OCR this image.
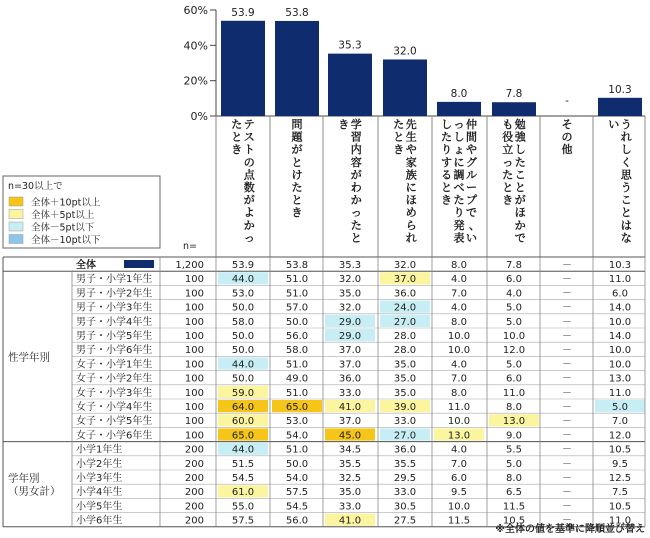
0%
20%
40%
60% 53.9	53.8
35.3	32.0
8.0	7.8
-
10.3
テ
ス
ト
の
点
数
が
よ
か
っ
た
と
き
問
題
が
と
け
た
と
き
学
習
内
容
が
わ
か
っ
た
と
き	先
生
や
家
族
に
ほ
め
ら
れ
た
と
き
仲
間
や
グ
ル
ー
プ
で
、
い
っ
し
ょ
に
調
べ
た
り
発
表
し
た
り
す
る
と
き
勉
強
し
た
こ
と
が
ほ
か
で
も
役
立
っ
た
と
き
そ
の
他
う
れ
し
く
思
う
こ
と
は
な
い
n=30以上で
全体＋10pt以上
全体＋5pt以上
全体－5pt以下
全体－10pt以下
n=
全体	1,200	53.9	53.8	35.3	32.0	8.0	7.8	－	10.3
男子・小学1年生	100	44.0	51.0	32.0	37.0	4.0	6.0	－	11.0
男子・小学2年生	100	53.0	51.0	35.0	36.0	7.0	4.0	－	6.0
男子・小学3年生	100	50.0	57.0	32.0	24.0	4.0	5.0	－	14.0
男子・小学4年生	100	58.0	50.0	29.0	27.0	8.0	5.0	－	10.0
男子・小学5年生	100	50.0	56.0	29.0	28.0	10.0	10.0	－	14.0
男子・小学6年生	100	50.0	58.0	37.0	28.0	10.0	12.0	－	10.0
女子・小学1年生	100	44.0	51.0	37.0	35.0	4.0	5.0	－	10.0
女子・小学2年生	100	50.0	49.0	36.0	35.0	7.0	6.0	－	13.0
女子・小学3年生	100	59.0	51.0	33.0	35.0	8.0	11.0	－	11.0
女子・小学4年生	100	64.0	65.0	41.0	39.0	11.0	8.0	－	5.0
女子・小学5年生	100	60.0	53.0	37.0	33.0	10.0	13.0	－	7.0
女子・小学6年生	100	65.0	54.0	45.0	27.0	13.0	9.0	－	12.0
性学年別
小学1年生	200	44.0	51.0	34.5	36.0	4.0	5.5	－	10.5
小学2年生	200	51.5	50.0	35.5	35.5	7.0	5.0	－	9.5
小学3年生	200	54.5	54.0	32.5	29.5	6.0	8.0	－	12.5
小学4年生	200	61.0	57.5	35.0	33.0	9.5	6.5	－	7.5
小学5年生	200	55.0	54.5	33.0	30.5	10.0	11.5	－	10.5
小学6年生	200	57.5	56.0	41.0	27.5	11.5	10.5	－	11.0
学年別
（男女計）
※全体の値を基準に降順並び替え
